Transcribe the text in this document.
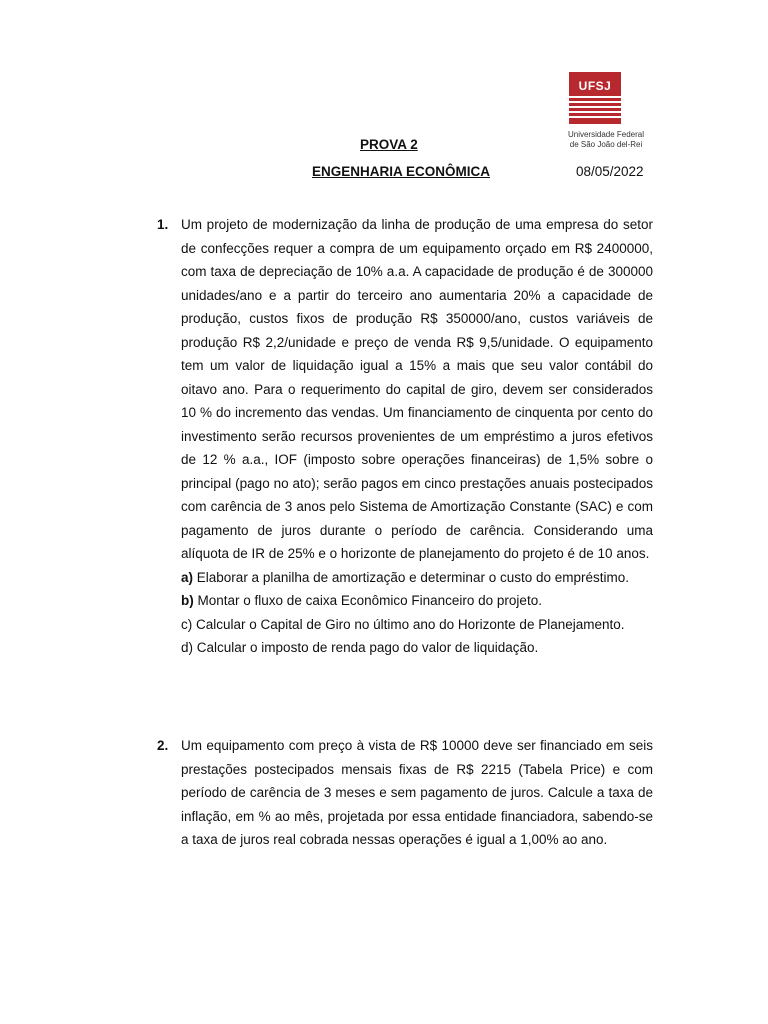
UFSJ
Universidade Federal
de São João del-Rei
PROVA 2
ENGENHARIA ECONÔMICA	08/05/2022
1. Um projeto de modernização da linha de produção de uma empresa do setor de confecções requer a compra de um equipamento orçado em R$ 2400000, com taxa de depreciação de 10% a.a. A capacidade de produção é de 300000 unidades/ano e a partir do terceiro ano aumentaria 20% a capacidade de produção, custos fixos de produção R$ 350000/ano, custos variáveis de produção R$ 2,2/unidade e preço de venda R$ 9,5/unidade. O equipamento tem um valor de liquidação igual a 15% a mais que seu valor contábil do oitavo ano. Para o requerimento do capital de giro, devem ser considerados 10 % do incremento das vendas. Um financiamento de cinquenta por cento do investimento serão recursos provenientes de um empréstimo a juros efetivos de 12 % a.a., IOF (imposto sobre operações financeiras) de 1,5% sobre o principal (pago no ato); serão pagos em cinco prestações anuais postecipados com carência de 3 anos pelo Sistema de Amortização Constante (SAC) e com pagamento de juros durante o período de carência. Considerando uma alíquota de IR de 25% e o horizonte de planejamento do projeto é de 10 anos.
a) Elaborar a planilha de amortização e determinar o custo do empréstimo.
b) Montar o fluxo de caixa Econômico Financeiro do projeto.
c) Calcular o Capital de Giro no último ano do Horizonte de Planejamento.
d) Calcular o imposto de renda pago do valor de liquidação.
2. Um equipamento com preço à vista de R$ 10000 deve ser financiado em seis prestações postecipados mensais fixas de R$ 2215 (Tabela Price) e com período de carência de 3 meses e sem pagamento de juros. Calcule a taxa de inflação, em % ao mês, projetada por essa entidade financiadora, sabendo-se a taxa de juros real cobrada nessas operações é igual a 1,00% ao ano.
